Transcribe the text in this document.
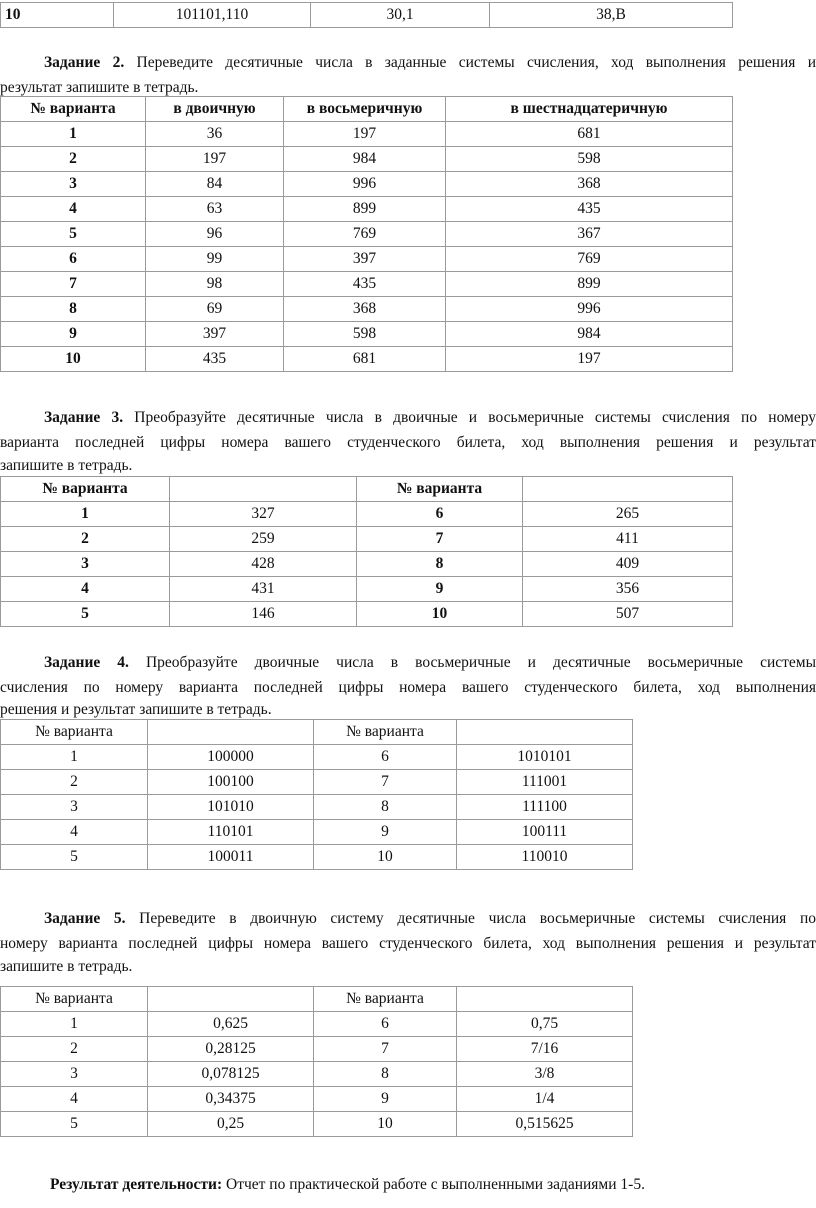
10	101101,110	30,1	38,B
Задание 2. Переведите десятичные числа в заданные системы счисления, ход выполнения решения и
результат запишите в тетрадь.
№ варианта	в двоичную	в восьмеричную	в шестнадцатеричную
1	36	197	681
2	197	984	598
3	84	996	368
4	63	899	435
5	96	769	367
6	99	397	769
7	98	435	899
8	69	368	996
9	397	598	984
10	435	681	197
Задание 3. Преобразуйте десятичные числа в двоичные и восьмеричные системы счисления по номеру
варианта последней цифры номера вашего студенческого билета, ход выполнения решения и результат
запишите в тетрадь.
№ варианта		№ варианта	
1	327	6	265
2	259	7	411
3	428	8	409
4	431	9	356
5	146	10	507
Задание 4. Преобразуйте двоичные числа в восьмеричные и десятичные восьмеричные системы
счисления по номеру варианта последней цифры номера вашего студенческого билета, ход выполнения
решения и результат запишите в тетрадь.
№ варианта		№ варианта	
1	100000	6	1010101
2	100100	7	111001
3	101010	8	111100
4	110101	9	100111
5	100011	10	110010
Задание 5. Переведите в двоичную систему десятичные числа восьмеричные системы счисления по
номеру варианта последней цифры номера вашего студенческого билета, ход выполнения решения и результат
запишите в тетрадь.
№ варианта		№ варианта	
1	0,625	6	0,75
2	0,28125	7	7/16
3	0,078125	8	3/8
4	0,34375	9	1/4
5	0,25	10	0,515625
Результат деятельности: Отчет по практической работе с выполненными заданиями 1-5.
